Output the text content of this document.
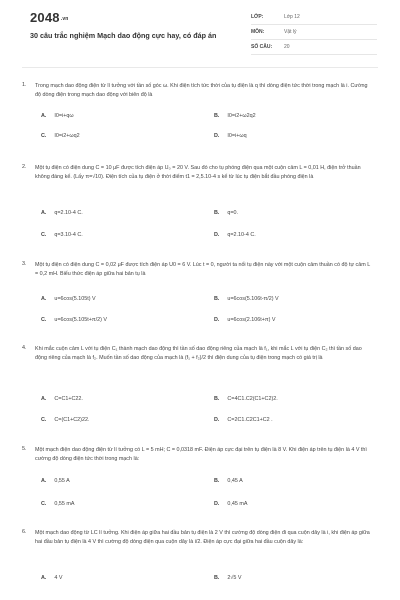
2048.vn
30 câu trắc nghiệm Mạch dao động cực hay, có đáp án
LỚP:	Lớp 12
MÔN:	Vật lý
SỐ CÂU:	20
1. Trong mạch dao động điện từ lí tưởng với tần số góc ω. Khi điện tích tức thời của tụ điện là q thì dòng điện tức thời trong mạch là i. Cường độ dòng điện trong mạch dao động với biên độ là
A. I0=i+qω	B. I0=i2+ω2q2
C. I0=i2+ωq2	D. I0=i+ωq
2. Một tụ điện có điện dung C = 10 μF được tích điện áp U₀ = 20 V. Sau đó cho tụ phóng điện qua một cuộn cảm L = 0,01 H, điện trở thuần không đáng kể. (Lấy π=√10). Điện tích của tụ điện ở thời điểm t1 = 2,5.10-4 s kể từ lúc tụ điện bắt đầu phóng điện là
A. q=2.10-4 C.	B. q=0.
C. q=3.10-4 C.	D. q=2.10-4 C.
3. Một tụ điện có điện dung C = 0,02 μF được tích điện áp U0 = 6 V. Lúc t = 0, người ta nối tụ điện này với một cuộn cảm thuần có độ tự cảm L = 0,2 mH. Biểu thức điện áp giữa hai bản tụ là
A. u=6cos(5.105t) V	B. u=6cos(5.106t-π/2) V
C. u=6cos(5.105t+π/2) V	D. u=6cos(2.106t+π) V
4. Khi mắc cuộn cảm L với tụ điện C₁ thành mạch dao động thì tần số dao động riêng của mạch là f₁, khi mắc L với tụ điện C₂ thì tần số dao động riêng của mạch là f₂. Muốn tần số dao động của mạch là (f₁ + f₂)/2 thì điện dung của tụ điện trong mạch có giá trị là
A. C=C1+C22.	B. C=4C1.C2(C1+C2)2.
C. C=(C1+C2)22.	D. C=2C1.C2C1+C2 .
5. Một mạch điện dao động điện từ lí tưởng có L = 5 mH; C = 0,0318 mF. Điện áp cực đại trên tụ điện là 8 V. Khi điện áp trên tụ điện là 4 V thì cường độ dòng điện tức thời trong mạch là:
A. 0,55 A	B. 0,45 A
C. 0,55 mA	D. 0,45 mA
6. Một mạch dao động từ LC lí tưởng. Khi điện áp giữa hai đầu bản tụ điện là 2 V thì cường độ dòng điện đi qua cuộn dây là i, khi điện áp giữa hai đầu bản tụ điện là 4 V thì cường độ dòng điện qua cuộn dây là i/2. Điện áp cực đại giữa hai đầu cuộn dây là:
A. 4 V	B. 2√5 V
